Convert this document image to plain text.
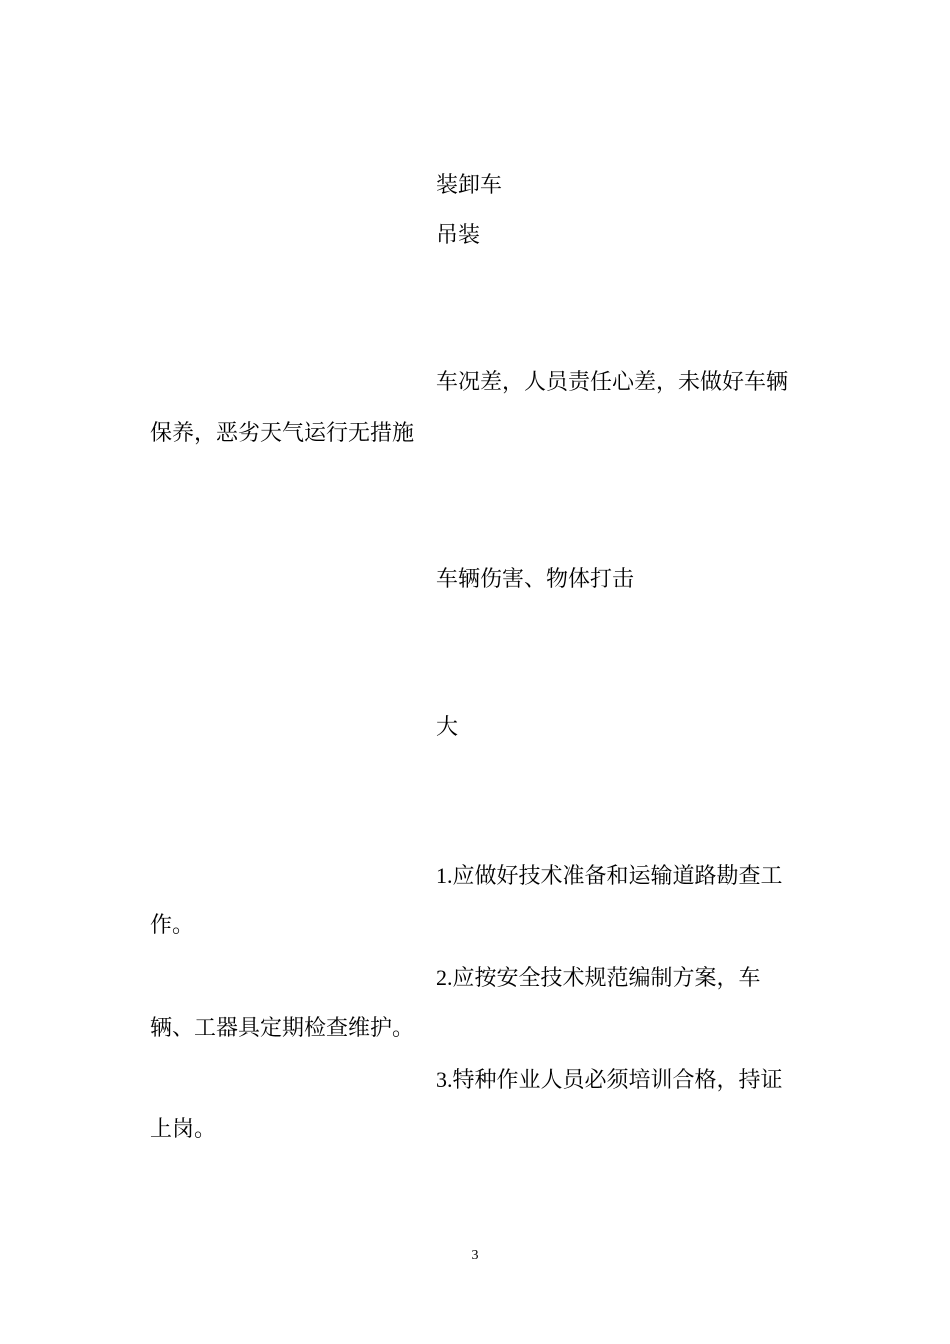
装卸车
吊装
车况差，人员责任心差，未做好车辆
保养，恶劣天气运行无措施
车辆伤害、物体打击
大
1.应做好技术准备和运输道路勘查工
作。
2.应按安全技术规范编制方案，车
辆、工器具定期检查维护。
3.特种作业人员必须培训合格，持证
上岗。
3
